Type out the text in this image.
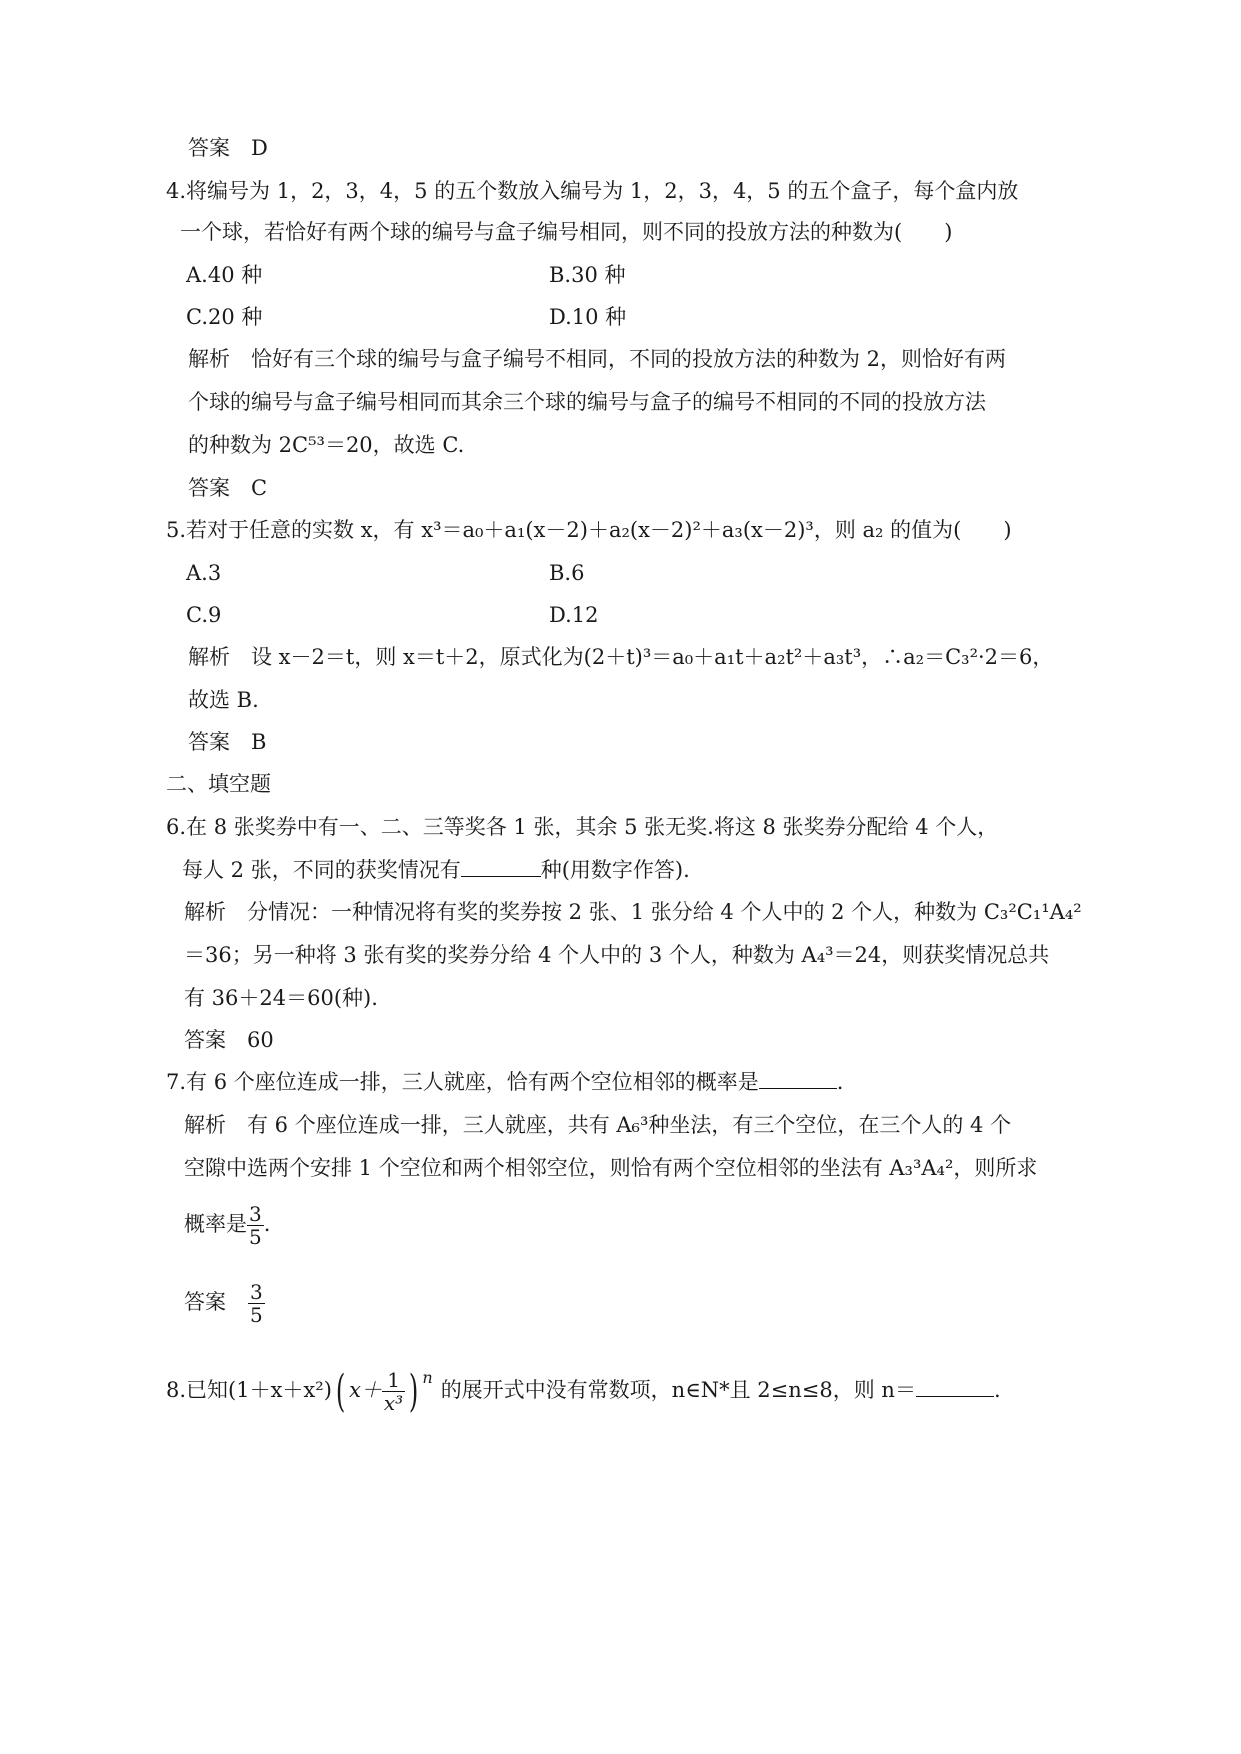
答案　D
4.将编号为 1，2，3，4，5 的五个数放入编号为 1，2，3，4，5 的五个盒子，每个盒内放
一个球，若恰好有两个球的编号与盒子编号相同，则不同的投放方法的种数为(　　)
A.40 种	B.30 种
C.20 种	D.10 种
解析　恰好有三个球的编号与盒子编号不相同，不同的投放方法的种数为 2，则恰好有两
个球的编号与盒子编号相同而其余三个球的编号与盒子的编号不相同的不同的投放方法
的种数为 2C⁵³＝20，故选 C.
答案　C
5.若对于任意的实数 x，有 x³＝a₀＋a₁(x－2)＋a₂(x－2)²＋a₃(x－2)³，则 a₂ 的值为(　　)
A.3	B.6
C.9	D.12
解析　设 x－2＝t，则 x＝t＋2，原式化为(2＋t)³＝a₀＋a₁t＋a₂t²＋a₃t³，∴a₂＝C₃²·2＝6，
故选 B.
答案　B
二、填空题
6.在 8 张奖券中有一、二、三等奖各 1 张，其余 5 张无奖.将这 8 张奖券分配给 4 个人，
每人 2 张，不同的获奖情况有	种(用数字作答).
解析　分情况：一种情况将有奖的奖券按 2 张、1 张分给 4 个人中的 2 个人，种数为 C₃²C₁¹A₄²
＝36；另一种将 3 张有奖的奖券分给 4 个人中的 3 个人，种数为 A₄³＝24，则获奖情况总共
有 36＋24＝60(种).
答案　60
7.有 6 个座位连成一排，三人就座，恰有两个空位相邻的概率是	.
解析　有 6 个座位连成一排，三人就座，共有 A₆³种坐法，有三个空位，在三个人的 4 个
空隙中选两个安排 1 个空位和两个相邻空位，则恰有两个空位相邻的坐法有 A₃³A₄²，则所求
概率是 $\frac{3}{5}$ .
答案 $\frac{3}{5}$
8.已知(1＋x＋x²)( $x+ \frac{1}{\text{x³}}$ ) $^n$的展开式中没有常数项，n∈N*且 2≤n≤8，则 n＝	.
